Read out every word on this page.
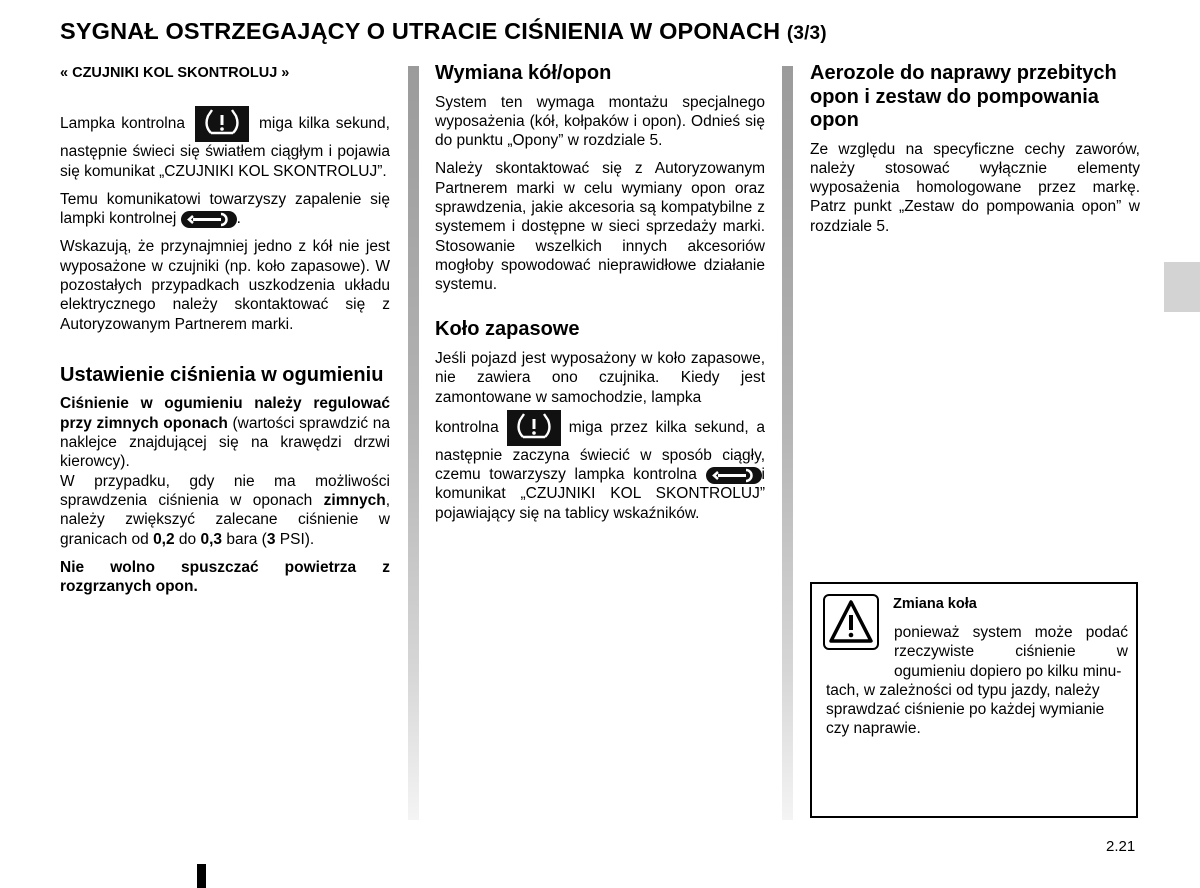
SYGNAŁ OSTRZEGAJĄCY O UTRACIE CIŚNIENIA W OPONACH (3/3)
« CZUJNIKI KOL SKONTROLUJ »

Lampka kontrolna	miga kilka sekund, następnie świeci się światłem ciągłym i pojawia się komunikat „CZUJNIKI KOL SKONTROLUJ”.

Temu komunikatowi towarzyszy zapalenie się lampki kontrolnej	.

Wskazują, że przynajmniej jedno z kół nie jest wyposażone w czujniki (np. koło zapasowe). W pozostałych przypadkach uszkodzenia układu elektrycznego należy skontaktować się z Autoryzowanym Partnerem marki.

Ustawienie ciśnienia w ogumieniu

Ciśnienie w ogumieniu należy regulować przy zimnych oponach (wartości sprawdzić na naklejce znajdującej się na krawędzi drzwi kierowcy).

W przypadku, gdy nie ma możliwości sprawdzenia ciśnienia w oponach zimnych, należy zwiększyć zalecane ciśnienie w granicach od 0,2 do 0,3 bara (3 PSI).

Nie wolno spuszczać powietrza z rozgrzanych opon.

Wymiana kół/opon

System ten wymaga montażu specjalnego wyposażenia (kół, kołpaków i opon). Odnieś się do punktu „Opony” w rozdziale 5.

Należy skontaktować się z Autoryzowanym Partnerem marki w celu wymiany opon oraz sprawdzenia, jakie akcesoria są kompatybilne z systemem i dostępne w sieci sprzedaży marki. Stosowanie wszelkich innych akcesoriów mogłoby spowodować nieprawidłowe działanie systemu.

Koło zapasowe

Jeśli pojazd jest wyposażony w koło zapasowe, nie zawiera ono czujnika. Kiedy jest zamontowane w samochodzie, lampka

kontrolna	miga przez kilka sekund, a następnie zaczyna świecić w sposób ciągły, czemu towarzyszy lampka kontrolna	i komunikat „CZUJNIKI KOL SKONTROLUJ” pojawiający się na tablicy wskaźników.

Aerozole do naprawy przebitych opon i zestaw do pompowania opon

Ze względu na specyficzne cechy zaworów, należy stosować wyłącznie elementy wyposażenia homologowane przez markę. Patrz punkt „Zestaw do pompowania opon” w rozdziale 5.

Zmiana koła
ponieważ system może podać rzeczywiste ciśnienie w ogumieniu dopiero po kilku minu-
tach, w zależności od typu jazdy, należy sprawdzać ciśnienie po każdej wymianie czy naprawie.
2.21
